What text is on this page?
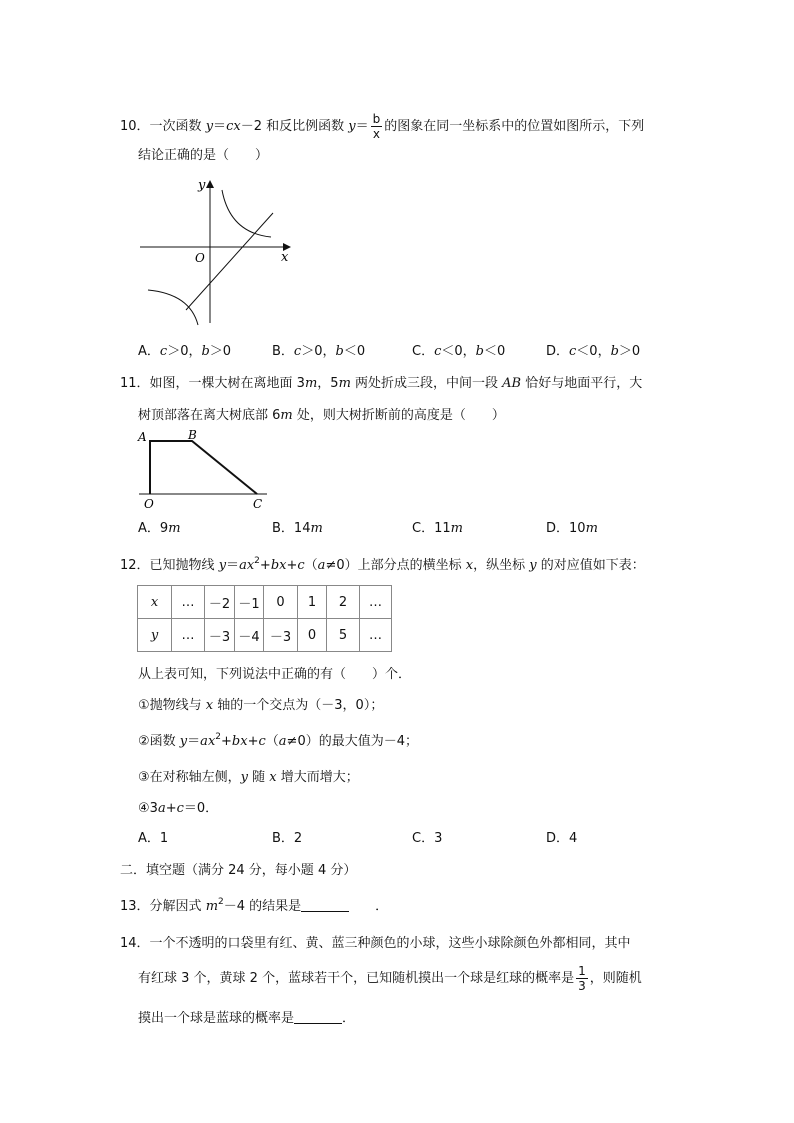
10．一次函数 y＝cx－2 和反比例函数 $y= \frac{b}{x}$ 的图象在同一坐标系中的位置如图所示，下列
结论正确的是（　　）
y
x
O
A．c＞0，b＞0	B．c＞0，b＜0	C．c＜0，b＜0	D．c＜0，b＞0
11．如图，一棵大树在离地面 3m，5m 两处折成三段，中间一段 AB 恰好与地面平行，大
树顶部落在离大树底部 6m 处，则大树折断前的高度是（　　）
A	B
O	C
A．9m	B．14m	C．11m	D．10m
12．已知抛物线 $y=ax^2+bx+c(a\ne 0)$上部分点的横坐标 x，纵坐标 y 的对应值如下表：
x	…	－2	－1	0	1	2	…
y	…	－3	－4	－3	0	5	…
从上表可知，下列说法中正确的有（　　）个．
①抛物线与 x 轴的一个交点为（－3，0）；
②函数 $y=ax^2+bx+c(a\ne 0)$的最大值为－4；
③在对称轴左侧，y 随 x 增大而增大；
④3a+c＝0．
A．1	B．2	C．3	D．4
二．填空题（满分 24 分，每小题 4 分）
13．分解因式 $m^2-4$ 的结果是	．
14．一个不透明的口袋里有红、黄、蓝三种颜色的小球，这些小球除颜色外都相同，其中
有红球 3 个，黄球 2 个，蓝球若干个，已知随机摸出一个球是红球的概率是 $\frac{1}{3}$ ，则随机
摸出一个球是蓝球的概率是	．
